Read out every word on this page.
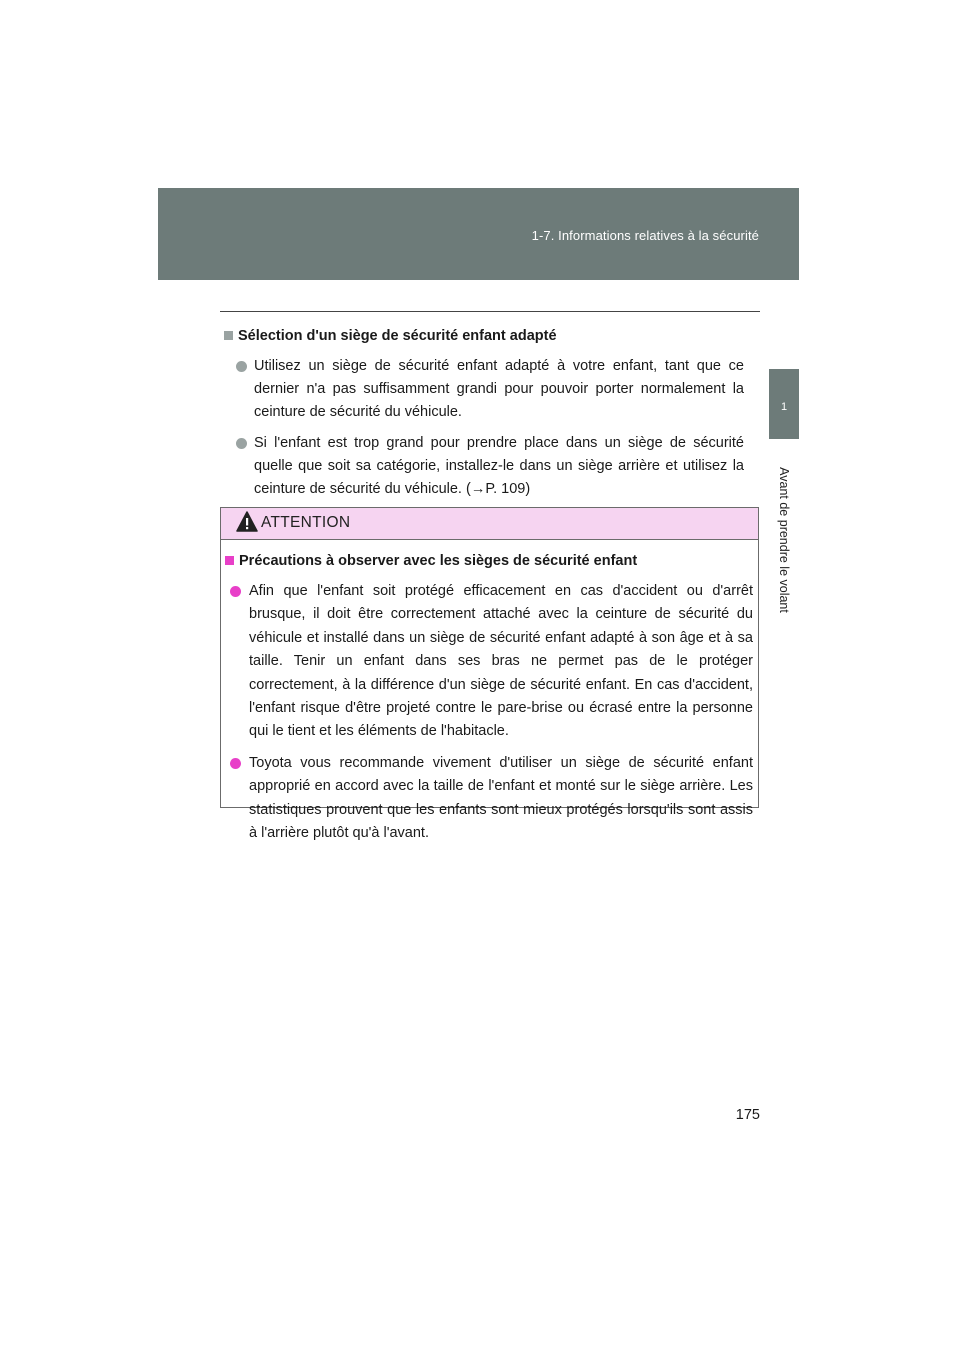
1-7. Informations relatives à la sécurité
1
Avant de prendre le volant
Sélection d'un siège de sécurité enfant adapté
Utilisez un siège de sécurité enfant adapté à votre enfant, tant que ce dernier n'a pas suffisamment grandi pour pouvoir porter normalement la ceinture de sécurité du véhicule.
Si l'enfant est trop grand pour prendre place dans un siège de sécurité quelle que soit sa catégorie, installez-le dans un siège arrière et utilisez la ceinture de sécurité du véhicule. (→P. 109)
ATTENTION
Précautions à observer avec les sièges de sécurité enfant
Afin que l'enfant soit protégé efficacement en cas d'accident ou d'arrêt brusque, il doit être correctement attaché avec la ceinture de sécurité du véhicule et installé dans un siège de sécurité enfant adapté à son âge et à sa taille. Tenir un enfant dans ses bras ne permet pas de le protéger correctement, à la différence d'un siège de sécurité enfant. En cas d'accident, l'enfant risque d'être projeté contre le pare-brise ou écrasé entre la personne qui le tient et les éléments de l'habitacle.
Toyota vous recommande vivement d'utiliser un siège de sécurité enfant approprié en accord avec la taille de l'enfant et monté sur le siège arrière. Les statistiques prouvent que les enfants sont mieux protégés lorsqu'ils sont assis à l'arrière plutôt qu'à l'avant.
175
